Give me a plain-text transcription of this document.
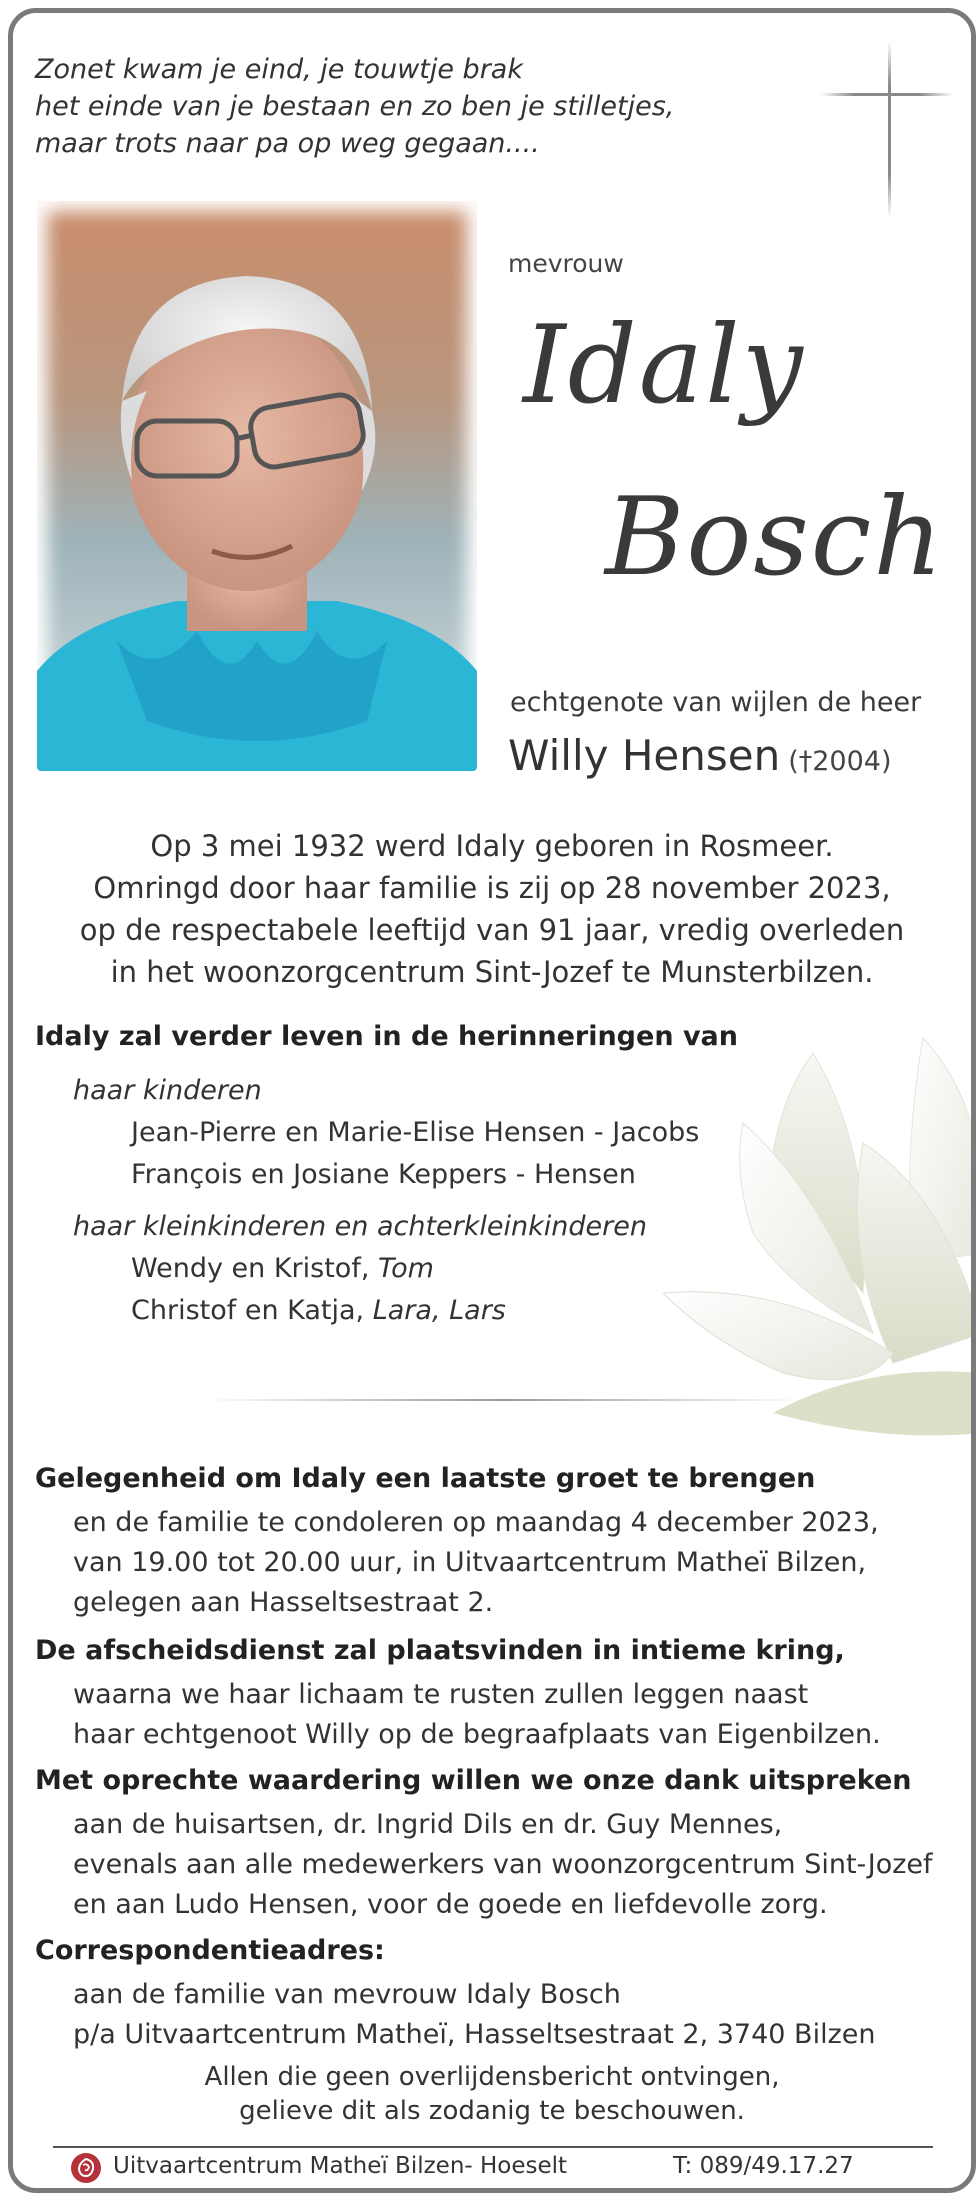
Zonet kwam je eind, je touwtje brak
het einde van je bestaan en zo ben je stilletjes,
maar trots naar pa op weg gegaan....
mevrouw
Idaly
Bosch
echtgenote van wijlen de heer
Willy Hensen (†2004)
Op 3 mei 1932 werd Idaly geboren in Rosmeer.
Omringd door haar familie is zij op 28 november 2023,
op de respectabele leeftijd van 91 jaar, vredig overleden
in het woonzorgcentrum Sint-Jozef te Munsterbilzen.
Idaly zal verder leven in de herinneringen van
haar kinderen
Jean-Pierre en Marie-Elise Hensen - Jacobs
François en Josiane Keppers - Hensen
haar kleinkinderen en achterkleinkinderen
Wendy en Kristof, Tom
Christof en Katja, Lara, Lars
Gelegenheid om Idaly een laatste groet te brengen
en de familie te condoleren op maandag 4 december 2023,
van 19.00 tot 20.00 uur, in Uitvaartcentrum Matheï Bilzen,
gelegen aan Hasseltsestraat 2.
De afscheidsdienst zal plaatsvinden in intieme kring,
waarna we haar lichaam te rusten zullen leggen naast
haar echtgenoot Willy op de begraafplaats van Eigenbilzen.
Met oprechte waardering willen we onze dank uitspreken
aan de huisartsen, dr. Ingrid Dils en dr. Guy Mennes,
evenals aan alle medewerkers van woonzorgcentrum Sint-Jozef
en aan Ludo Hensen, voor de goede en liefdevolle zorg.
Correspondentieadres:
aan de familie van mevrouw Idaly Bosch
p/a Uitvaartcentrum Matheï, Hasseltsestraat 2, 3740 Bilzen
Allen die geen overlijdensbericht ontvingen,
gelieve dit als zodanig te beschouwen.
Uitvaartcentrum Matheï Bilzen- Hoeselt	T: 089/49.17.27
